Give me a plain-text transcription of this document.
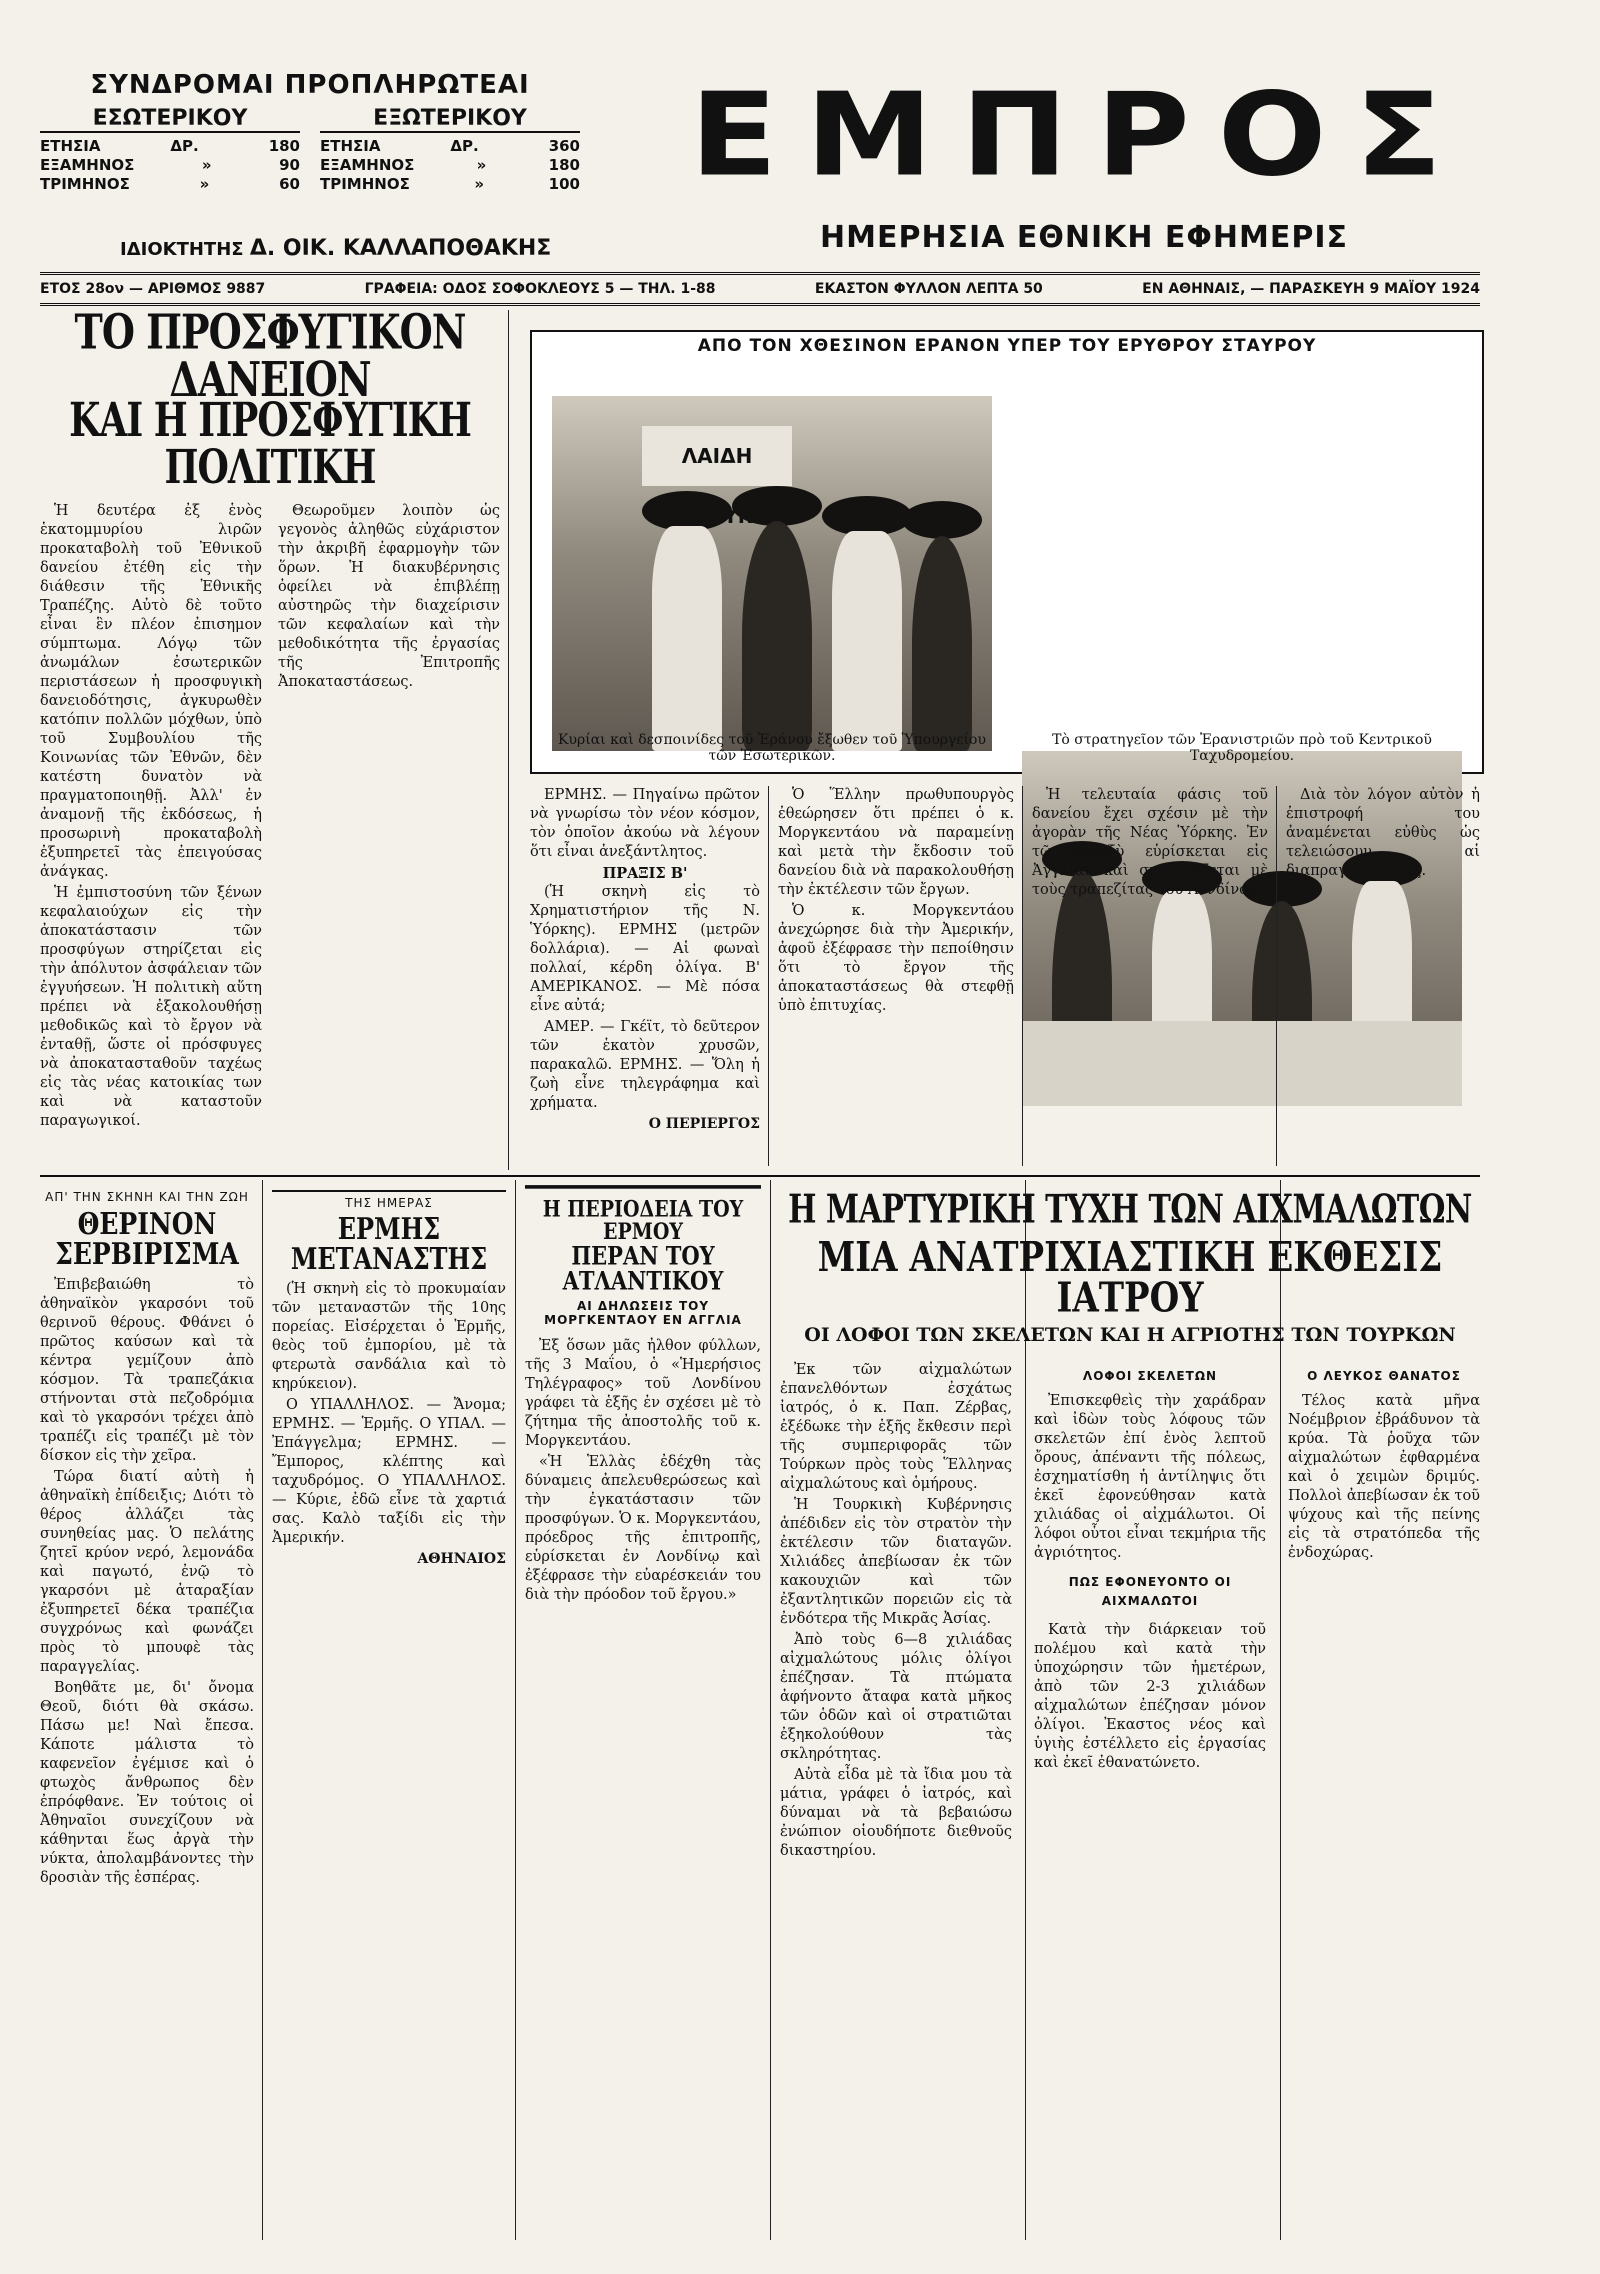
ΣΥΝΔΡΟΜΑΙ ΠΡΟΠΛΗΡΩΤΕΑΙ
ΕΣΩΤΕΡΙΚΟΥ
ΕΤΗΣΙΑ	ΔΡ.	180
ΕΞΑΜΗΝΟΣ	»	90
ΤΡΙΜΗΝΟΣ	»	60
ΕΞΩΤΕΡΙΚΟΥ
ΕΤΗΣΙΑ	ΔΡ.	360
ΕΞΑΜΗΝΟΣ	»	180
ΤΡΙΜΗΝΟΣ	»	100
ΙΔΙΟΚΤΗΤΗΣ Δ. ΟΙΚ. ΚΑΛΛΑΠΟΘΑΚΗΣ
ΕΜΠΡΟΣ
ΗΜΕΡΗΣΙΑ ΕΘΝΙΚΗ ΕΦΗΜΕΡΙΣ
ΕΤΟΣ 28ον — ΑΡΙΘΜΟΣ 9887	ΓΡΑΦΕΙΑ: ΟΔΟΣ ΣΟΦΟΚΛΕΟΥΣ 5 — ΤΗΛ. 1-88	ΕΚΑΣΤΟΝ ΦΥΛΛΟΝ ΛΕΠΤΑ 50	ΕΝ ΑΘΗΝΑΙΣ, — ΠΑΡΑΣΚΕΥΗ 9 ΜΑΪΟΥ 1924
ΤΟ ΠΡΟΣΦΥΓΙΚΟΝ ΔΑΝΕΙΟΝ
ΚΑΙ Η ΠΡΟΣΦΥΓΙΚΗ ΠΟΛΙΤΙΚΗ

Ἡ δευτέρα ἐξ ἑνὸς ἑκατομμυρίου λιρῶν προκαταβολὴ τοῦ Ἐθνικοῦ δανείου ἐτέθη εἰς τὴν διάθεσιν τῆς Ἐθνικῆς Τραπέζης. Αὐτὸ δὲ τοῦτο εἶναι ἓν πλέον ἐπισημον σύμπτωμα. Λόγῳ τῶν ἀνωμάλων ἐσωτερικῶν περιστάσεων ἡ προσφυγικὴ δανειοδότησις, ἀγκυρωθὲν κατόπιν πολλῶν μόχθων, ὑπὸ τοῦ Συμβουλίου τῆς Κοινωνίας τῶν Ἐθνῶν, δὲν κατέστη δυνατὸν νὰ πραγματοποιηθῇ. Ἀλλ' ἐν ἀναμονῇ τῆς ἐκδόσεως, ἡ προσωρινὴ προκαταβολὴ ἐξυπηρετεῖ τὰς ἐπειγούσας ἀνάγκας.

Ἡ ἐμπιστοσύνη τῶν ξένων κεφαλαιούχων εἰς τὴν ἀποκατάστασιν τῶν προσφύγων στηρίζεται εἰς τὴν ἀπόλυτον ἀσφάλειαν τῶν ἐγγυήσεων. Ἡ πολιτικὴ αὕτη πρέπει νὰ ἐξακολουθήσῃ μεθοδικῶς καὶ τὸ ἔργον νὰ ἐνταθῇ, ὥστε οἱ πρόσφυγες νὰ ἀποκατασταθοῦν ταχέως εἰς τὰς νέας κατοικίας των καὶ νὰ καταστοῦν παραγωγικοί.

Θεωροῦμεν λοιπὸν ὡς γεγονὸς ἀληθῶς εὐχάριστον τὴν ἀκριβῆ ἐφαρμογὴν τῶν ὅρων. Ἡ διακυβέρνησις ὀφείλει νὰ ἐπιβλέπῃ αὐστηρῶς τὴν διαχείρισιν τῶν κεφαλαίων καὶ τὴν μεθοδικότητα τῆς ἐργασίας τῆς Ἐπιτροπῆς Ἀποκαταστάσεως.

ΑΠΟ ΤΟΝ ΧΘΕΣΙΝΟΝ ΕΡΑΝΟΝ ΥΠΕΡ ΤΟΥ ΕΡΥΘΡΟΥ ΣΤΑΥΡΟΥ
ΛΑΙΔΗ
Κυρίαι καὶ δεσποινίδες τοῦ Ἐράνου ἔξωθεν τοῦ Ὑπουργείου τῶν Ἐσωτερικῶν.
Τὸ στρατηγεῖον τῶν Ἐρανιστριῶν πρὸ τοῦ Κεντρικοῦ Ταχυδρομείου.

ΕΡΜΗΣ. — Πηγαίνω πρῶτον νὰ γνωρίσω τὸν νέον κόσμον, τὸν ὁποῖον ἀκούω νὰ λέγουν ὅτι εἶναι ἀνεξάντλητος.

ΠΡΑΞΙΣ Β'

(Ἡ σκηνὴ εἰς τὸ Χρηματιστήριον τῆς Ν. Ὑόρκης). ΕΡΜΗΣ (μετρῶν δολλάρια). — Αἱ φωναὶ πολλαί, κέρδη ὀλίγα. Β' ΑΜΕΡΙΚΑΝΟΣ. — Μὲ πόσα εἶνε αὐτά;

ΑΜΕΡ. — Γκέϊτ, τὸ δεῦτερον τῶν ἑκατὸν χρυσῶν, παρακαλῶ. ΕΡΜΗΣ. — Ὅλη ἡ ζωὴ εἶνε τηλεγράφημα καὶ χρήματα.

Ο ΠΕΡΙΕΡΓΟΣ

Ὁ Ἕλλην πρωθυπουργὸς ἐθεώρησεν ὅτι πρέπει ὁ κ. Μοργκεντάου νὰ παραμείνῃ καὶ μετὰ τὴν ἔκδοσιν τοῦ δανείου διὰ νὰ παρακολουθήσῃ τὴν ἐκτέλεσιν τῶν ἔργων.

Ὁ κ. Μοργκεντάου ἀνεχώρησε διὰ τὴν Ἀμερικήν, ἀφοῦ ἐξέφρασε τὴν πεποίθησιν ὅτι τὸ ἔργον τῆς ἀποκαταστάσεως θὰ στεφθῇ ὑπὸ ἐπιτυχίας.

Ἡ τελευταία φάσις τοῦ δανείου ἔχει σχέσιν μὲ τὴν ἀγορὰν τῆς Νέας Ὑόρκης. Ἐν τῷ μεταξὺ εὑρίσκεται εἰς Ἀγγλίαν καὶ συνεργάζεται μὲ τοὺς τραπεζίτας τοῦ Λονδίνου.

Διὰ τὸν λόγον αὐτὸν ἡ ἐπιστροφή του ἀναμένεται εὐθὺς ὡς τελειώσουν αἱ διαπραγματεύσεις.

ΑΠ' ΤΗΝ ΣΚΗΝΗ ΚΑΙ ΤΗΝ ΖΩΗ
ΘΕΡΙΝΟΝ ΣΕΡΒΙΡΙΣΜΑ

Ἐπιβεβαιώθη τὸ ἀθηναϊκὸν γκαρσόνι τοῦ θερινοῦ θέρους. Φθάνει ὁ πρῶτος καύσων καὶ τὰ κέντρα γεμίζουν ἀπὸ κόσμον. Τὰ τραπεζάκια στήνονται στὰ πεζοδρόμια καὶ τὸ γκαρσόνι τρέχει ἀπὸ τραπέζι εἰς τραπέζι μὲ τὸν δίσκον εἰς τὴν χεῖρα.

Τώρα διατί αὐτὴ ἡ ἀθηναϊκὴ ἐπίδειξις; Διότι τὸ θέρος ἀλλάζει τὰς συνηθείας μας. Ὁ πελάτης ζητεῖ κρύον νερό, λεμονάδα καὶ παγωτό, ἐνῷ τὸ γκαρσόνι μὲ ἀταραξίαν ἐξυπηρετεῖ δέκα τραπέζια συγχρόνως καὶ φωνάζει πρὸς τὸ μπουφὲ τὰς παραγγελίας.

Βοηθᾶτε με, δι' ὄνομα Θεοῦ, διότι θὰ σκάσω. Πάσω με! Ναὶ ἔπεσα. Κάποτε μάλιστα τὸ καφενεῖον ἐγέμισε καὶ ὁ φτωχὸς ἄνθρωπος δὲν ἐπρόφθανε. Ἐν τούτοις οἱ Ἀθηναῖοι συνεχίζουν νὰ κάθηνται ἕως ἀργὰ τὴν νύκτα, ἀπολαμβάνοντες τὴν δροσιὰν τῆς ἑσπέρας.

ΤΗΣ ΗΜΕΡΑΣ
ΕΡΜΗΣ ΜΕΤΑΝΑΣΤΗΣ

(Ἡ σκηνὴ εἰς τὸ προκυμαίαν τῶν μεταναστῶν τῆς 10ης πορείας. Εἰσέρχεται ὁ Ἑρμῆς, θεὸς τοῦ ἐμπορίου, μὲ τὰ φτερωτὰ σανδάλια καὶ τὸ κηρύκειον).

Ο ΥΠΑΛΛΗΛΟΣ. — Ἄνομα; ΕΡΜΗΣ. — Ἑρμῆς. Ο ΥΠΑΛ. — Ἐπάγγελμα; ΕΡΜΗΣ. — Ἔμπορος, κλέπτης καὶ ταχυδρόμος. Ο ΥΠΑΛΛΗΛΟΣ. — Κύριε, ἐδῶ εἶνε τὰ χαρτιά σας. Καλὸ ταξίδι εἰς τὴν Ἀμερικήν.

ΑΘΗΝΑΙΟΣ
Η ΠΕΡΙΟΔΕΙΑ ΤΟΥ ΕΡΜΟΥ
ΠΕΡΑΝ ΤΟΥ ΑΤΛΑΝΤΙΚΟΥ
ΑΙ ΔΗΛΩΣΕΙΣ ΤΟΥ ΜΟΡΓΚΕΝΤΑΟΥ ΕΝ ΑΓΓΛΙΑ

Ἐξ ὅσων μᾶς ἦλθον φύλλων, τῆς 3 Μαΐου, ὁ «Ἡμερήσιος Τηλέγραφος» τοῦ Λονδίνου γράφει τὰ ἑξῆς ἐν σχέσει μὲ τὸ ζήτημα τῆς ἀποστολῆς τοῦ κ. Μοργκεντάου.

«Ἡ Ἑλλὰς ἐδέχθη τὰς δύναμεις ἀπελευθερώσεως καὶ τὴν ἐγκατάστασιν τῶν προσφύγων. Ὁ κ. Μοργκεντάου, πρόεδρος τῆς ἐπιτροπῆς, εὑρίσκεται ἐν Λονδίνῳ καὶ ἐξέφρασε τὴν εὐαρέσκειάν του διὰ τὴν πρόοδον τοῦ ἔργου.»

Η ΜΑΡΤΥΡΙΚΗ ΤΥΧΗ ΤΩΝ ΑΙΧΜΑΛΩΤΩΝ
ΜΙΑ ΑΝΑΤΡΙΧΙΑΣΤΙΚΗ ΕΚΘΕΣΙΣ ΙΑΤΡΟΥ
ΟΙ ΛΟΦΟΙ ΤΩΝ ΣΚΕΛΕΤΩΝ ΚΑΙ Η ΑΓΡΙΟΤΗΣ ΤΩΝ ΤΟΥΡΚΩΝ

Ἐκ τῶν αἰχμαλώτων ἐπανελθόντων ἐσχάτως ἰατρός, ὁ κ. Παπ. Ζέρβας, ἐξέδωκε τὴν ἑξῆς ἔκθεσιν περὶ τῆς συμπεριφορᾶς τῶν Τούρκων πρὸς τοὺς Ἕλληνας αἰχμαλώτους καὶ ὁμήρους.

Ἡ Τουρκικὴ Κυβέρνησις ἀπέδιδεν εἰς τὸν στρατὸν τὴν ἐκτέλεσιν τῶν διαταγῶν. Χιλιάδες ἀπεβίωσαν ἐκ τῶν κακουχιῶν καὶ τῶν ἐξαντλητικῶν πορειῶν εἰς τὰ ἐνδότερα τῆς Μικρᾶς Ἀσίας.

Ἀπὸ τοὺς 6—8 χιλιάδας αἰχμαλώτους μόλις ὀλίγοι ἐπέζησαν. Τὰ πτώματα ἀφήνοντο ἄταφα κατὰ μῆκος τῶν ὁδῶν καὶ οἱ στρατιῶται ἐξηκολούθουν τὰς σκληρότητας.

Αὐτὰ εἶδα μὲ τὰ ἴδια μου τὰ μάτια, γράφει ὁ ἰατρός, καὶ δύναμαι νὰ τὰ βεβαιώσω ἐνώπιον οἱουδήποτε διεθνοῦς δικαστηρίου.

ΛΟΦΟΙ ΣΚΕΛΕΤΩΝ

Ἐπισκεφθεὶς τὴν χαράδραν καὶ ἰδὼν τοὺς λόφους τῶν σκελετῶν ἐπί ἑνὸς λεπτοῦ ὄρους, ἀπέναντι τῆς πόλεως, ἐσχηματίσθη ἡ ἀντίληψις ὅτι ἐκεῖ ἐφονεύθησαν κατὰ χιλιάδας οἱ αἰχμάλωτοι. Οἱ λόφοι οὗτοι εἶναι τεκμήρια τῆς ἀγριότητος.

ΠΩΣ ΕΦΟΝΕΥΟΝΤΟ ΟΙ ΑΙΧΜΑΛΩΤΟΙ

Κατὰ τὴν διάρκειαν τοῦ πολέμου καὶ κατὰ τὴν ὑποχώρησιν τῶν ἡμετέρων, ἀπὸ τῶν 2-3 χιλιάδων αἰχμαλώτων ἐπέζησαν μόνον ὀλίγοι. Ἐκαστος νέος καὶ ὑγιὴς ἐστέλλετο εἰς ἐργασίας καὶ ἐκεῖ ἐθανατώνετο.

Ο ΛΕΥΚΟΣ ΘΑΝΑΤΟΣ

Τέλος κατὰ μῆνα Νοέμβριον ἐβράδυνον τὰ κρύα. Τὰ ῥοῦχα τῶν αἰχμαλώτων ἐφθαρμένα καὶ ὁ χειμὼν δριμύς. Πολλοὶ ἀπεβίωσαν ἐκ τοῦ ψύχους καὶ τῆς πείνης εἰς τὰ στρατόπεδα τῆς ἐνδοχώρας.
